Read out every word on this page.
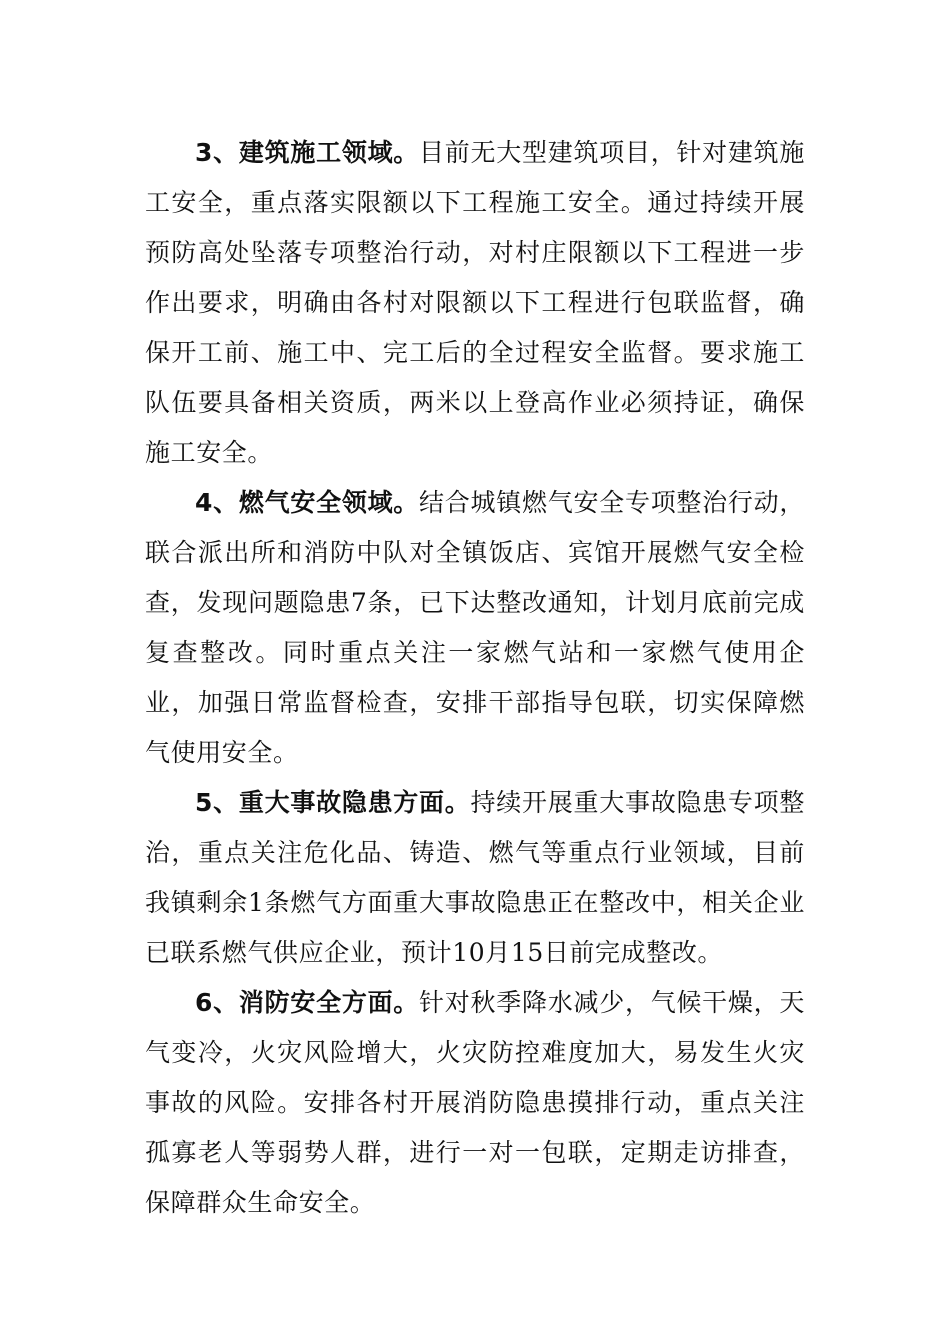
3、建筑施工领域。目前无大型建筑项目，针对建筑施工安全，重点落实限额以下工程施工安全。通过持续开展预防高处坠落专项整治行动，对村庄限额以下工程进一步作出要求，明确由各村对限额以下工程进行包联监督，确保开工前、施工中、完工后的全过程安全监督。要求施工队伍要具备相关资质，两米以上登高作业必须持证，确保施工安全。

4、燃气安全领域。结合城镇燃气安全专项整治行动，联合派出所和消防中队对全镇饭店、宾馆开展燃气安全检查，发现问题隐患7条，已下达整改通知，计划月底前完成复查整改。同时重点关注一家燃气站和一家燃气使用企业，加强日常监督检查，安排干部指导包联，切实保障燃气使用安全。

5、重大事故隐患方面。持续开展重大事故隐患专项整治，重点关注危化品、铸造、燃气等重点行业领域，目前我镇剩余1条燃气方面重大事故隐患正在整改中，相关企业已联系燃气供应企业，预计10月15日前完成整改。

6、消防安全方面。针对秋季降水减少，气候干燥，天气变冷，火灾风险增大，火灾防控难度加大，易发生火灾事故的风险。安排各村开展消防隐患摸排行动，重点关注孤寡老人等弱势人群，进行一对一包联，定期走访排查，保障群众生命安全。
